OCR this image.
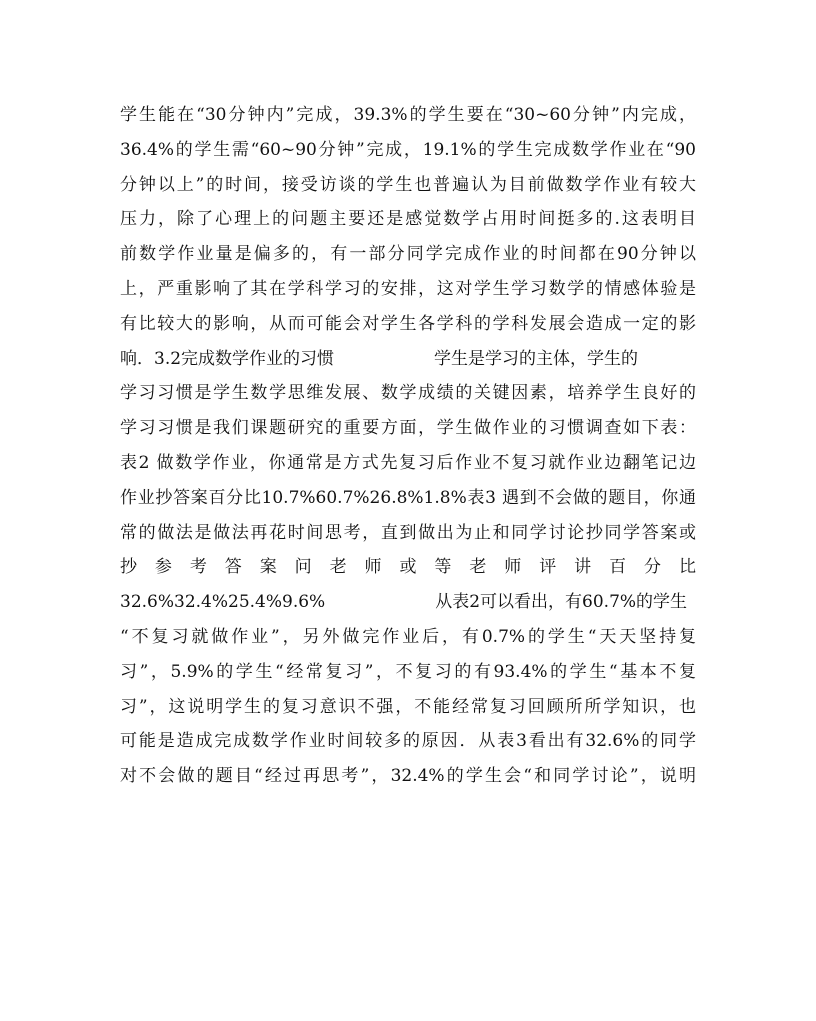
学生能在“30分钟内”完成，39.3%的学生要在“30~60分钟”内完成，
36.4%的学生需“60~90分钟”完成，19.1%的学生完成数学作业在“90
分钟以上”的时间，接受访谈的学生也普遍认为目前做数学作业有较大
压力，除了心理上的问题主要还是感觉数学占用时间挺多的.这表明目
前数学作业量是偏多的，有一部分同学完成作业的时间都在90分钟以
上，严重影响了其在学科学习的安排，这对学生学习数学的情感体验是
有比较大的影响，从而可能会对学生各学科的学科发展会造成一定的影
响．3.2完成数学作业的习惯	学生是学习的主体，学生的
学习习惯是学生数学思维发展、数学成绩的关键因素，培养学生良好的
学习习惯是我们课题研究的重要方面，学生做作业的习惯调查如下表：
表2 做数学作业，你通常是方式先复习后作业不复习就作业边翻笔记边
作业抄答案百分比10.7%60.7%26.8%1.8%表3 遇到不会做的题目，你通
常的做法是做法再花时间思考，直到做出为止和同学讨论抄同学答案或
抄参考答案问老师或等老师评讲百分比
32.6%32.4%25.4%9.6%	从表2可以看出，有60.7%的学生
“不复习就做作业”，另外做完作业后，有0.7%的学生“天天坚持复
习”，5.9%的学生“经常复习”，不复习的有93.4%的学生“基本不复
习”，这说明学生的复习意识不强，不能经常复习回顾所所学知识，也
可能是造成完成数学作业时间较多的原因．从表3看出有32.6%的同学
对不会做的题目“经过再思考”，32.4%的学生会“和同学讨论”，说明
